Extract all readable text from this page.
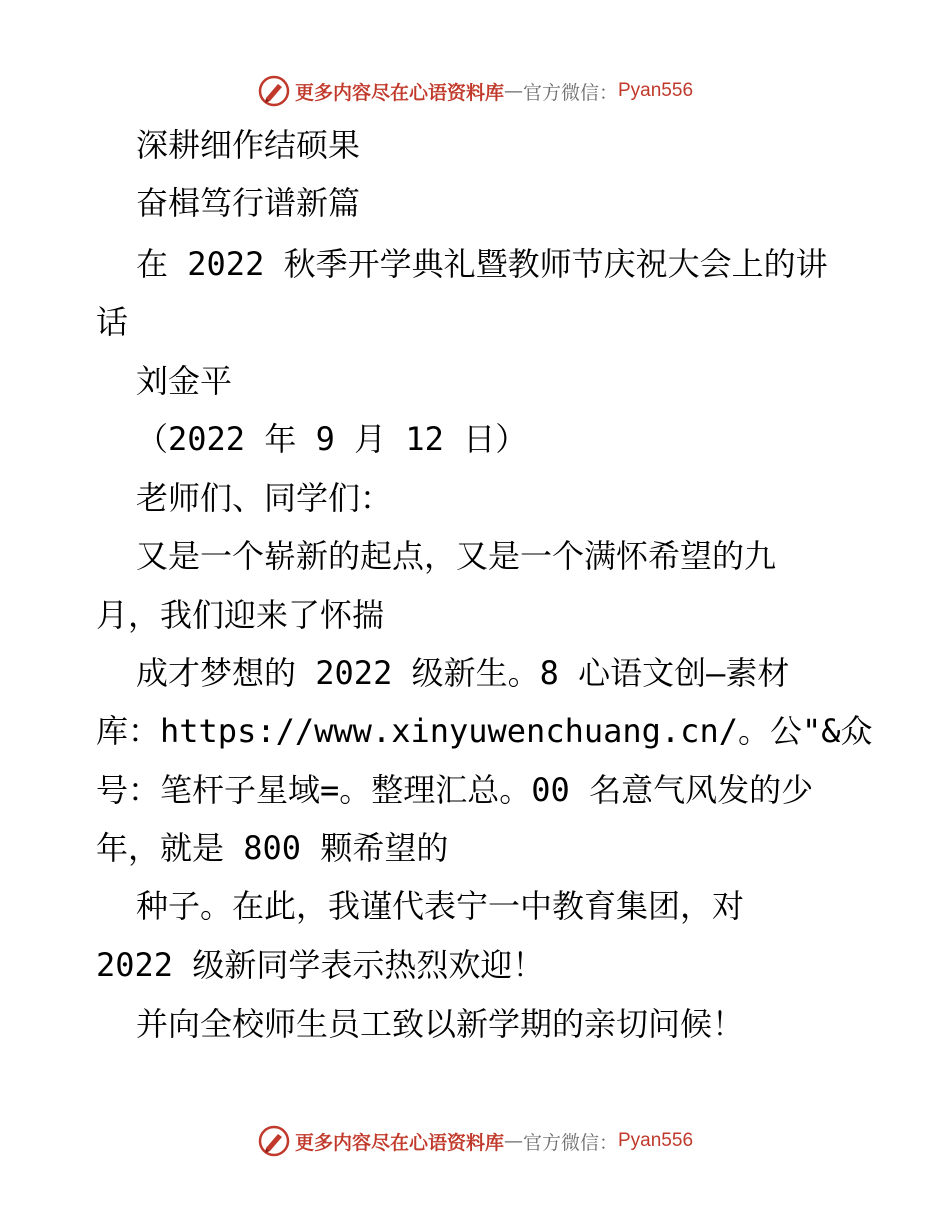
更多内容尽在心语资料库 — 官方微信： Pyan556
深耕细作结硕果
奋楫笃行谱新篇
在 2022 秋季开学典礼暨教师节庆祝大会上的讲
话
刘金平
（2022 年 9 月 12 日）
老师们、同学们：
又是一个崭新的起点，又是一个满怀希望的九
月，我们迎来了怀揣
成才梦想的 2022 级新生。8 心语文创—素材
库：https://www.xinyuwenchuang.cn/。公"&众
号：笔杆子星域=。整理汇总。00 名意气风发的少
年，就是 800 颗希望的
种子。在此，我谨代表宁一中教育集团，对
2022 级新同学表示热烈欢迎！
并向全校师生员工致以新学期的亲切问候！
更多内容尽在心语资料库 — 官方微信： Pyan556
